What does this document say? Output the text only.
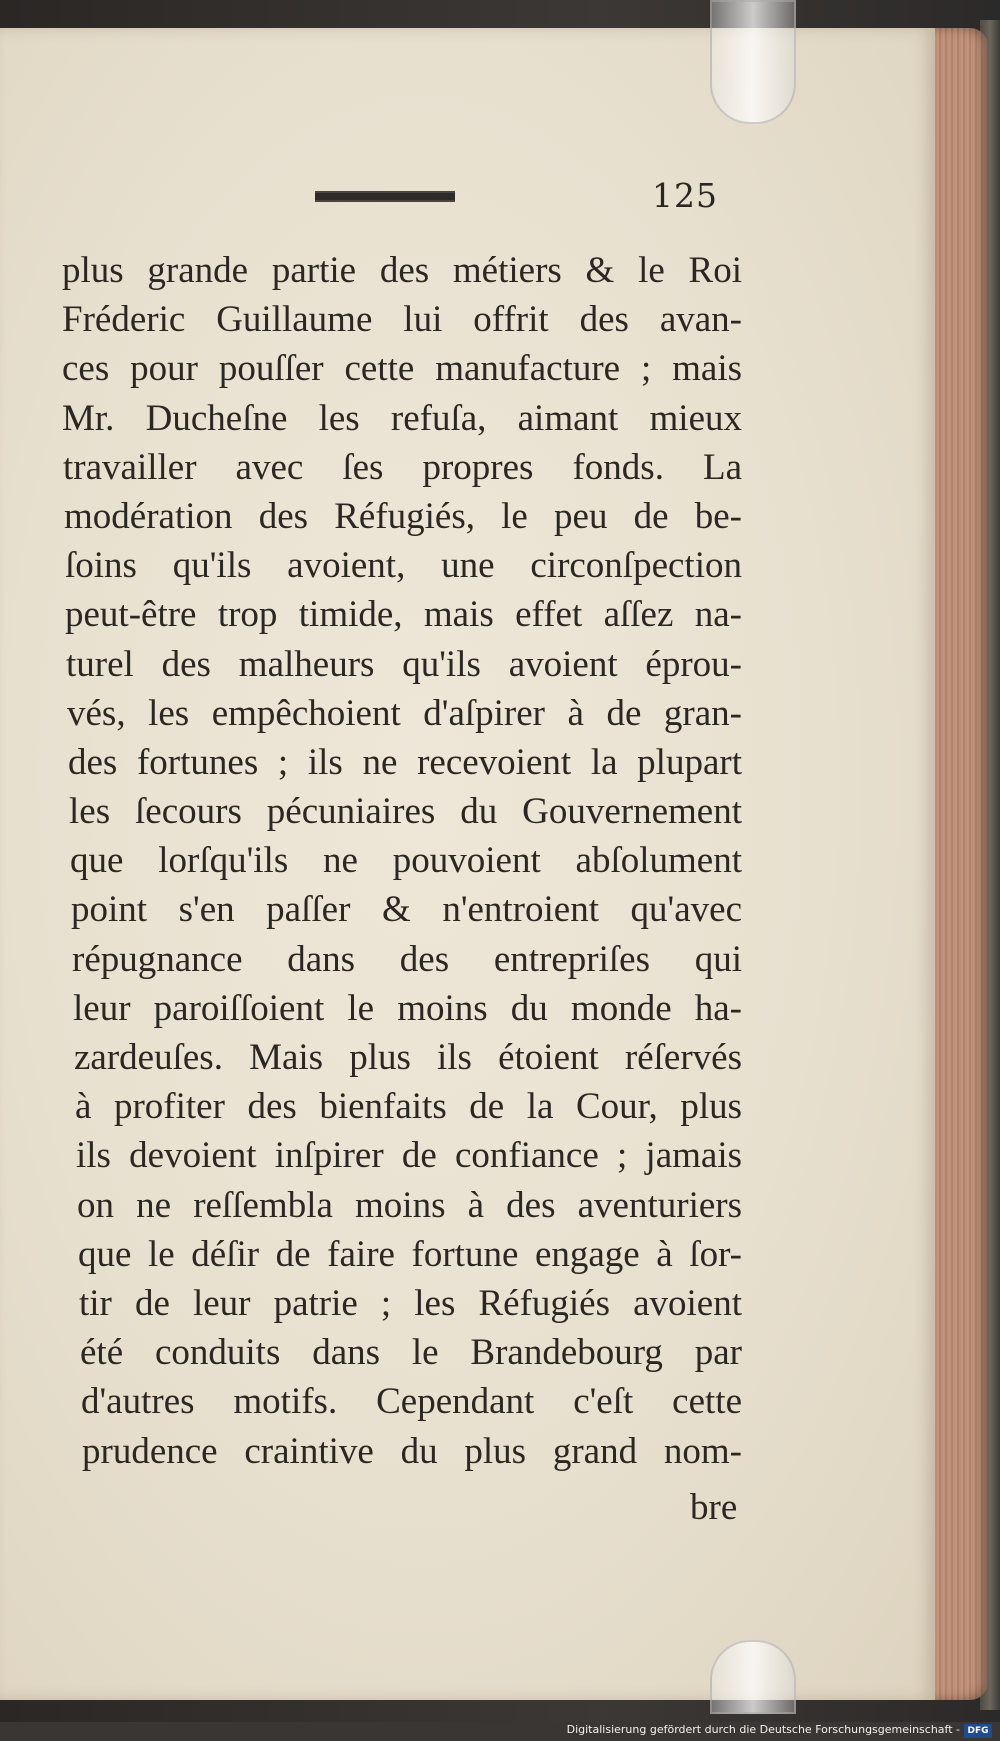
125
plus grande partie des métiers & le Roi
Fréderic Guillaume lui offrit des avan-
ces pour pouſſer cette manufacture ; mais
Mr. Ducheſne les refuſa, aimant mieux
travailler avec ſes propres fonds. La
modération des Réfugiés, le peu de be-
ſoins qu'ils avoient, une circonſpection
peut-être trop timide, mais effet aſſez na-
turel des malheurs qu'ils avoient éprou-
vés, les empêchoient d'aſpirer à de gran-
des fortunes ; ils ne recevoient la plupart
les ſecours pécuniaires du Gouvernement
que lorſqu'ils ne pouvoient abſolument
point s'en paſſer & n'entroient qu'avec
répugnance dans des entrepriſes qui
leur paroiſſoient le moins du monde ha-
zardeuſes. Mais plus ils étoient réſervés
à profiter des bienfaits de la Cour, plus
ils devoient inſpirer de confiance ; jamais
on ne reſſembla moins à des aventuriers
que le déſir de faire fortune engage à ſor-
tir de leur patrie ; les Réfugiés avoient
été conduits dans le Brandebourg par
d'autres motifs. Cependant c'eſt cette
prudence craintive du plus grand nom-
bre
Digitalisierung gefördert durch die Deutsche Forschungsgemeinschaft - DFG
